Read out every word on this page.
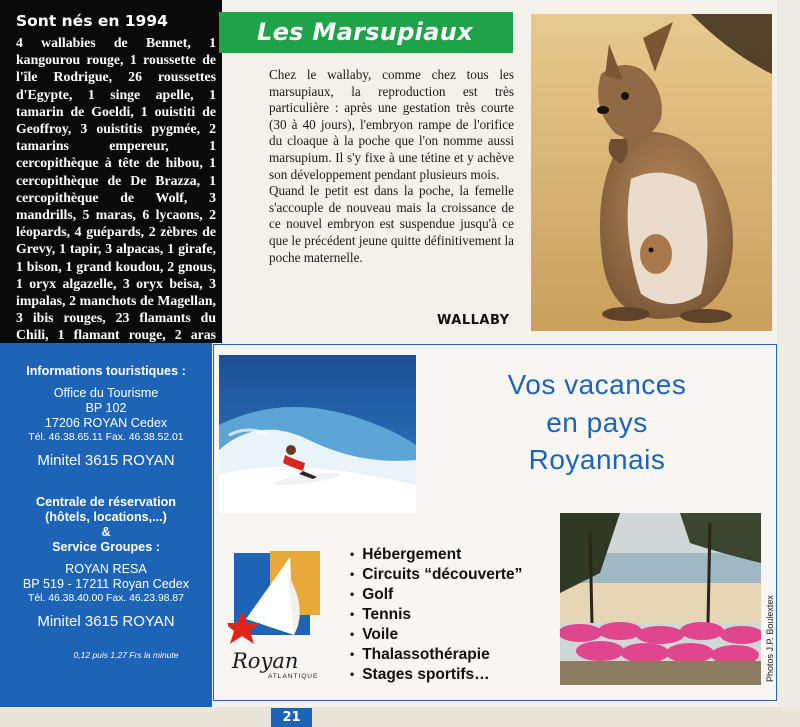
Sont nés en 1994
4 wallabies de Bennet, 1 kangourou rouge, 1 roussette de l'île Rodrigue, 26 roussettes d'Egypte, 1 singe apelle, 1 tamarin de Goeldi, 1 ouistiti de Geoffroy, 3 ouistitis pygmée, 2 tamarins empereur, 1 cercopithèque à tête de hibou, 1 cercopithèque de De Brazza, 1 cercopithèque de Wolf, 3 mandrills, 5 maras, 6 lycaons, 2 léopards, 4 guépards, 2 zèbres de Grevy, 1 tapir, 3 alpacas, 1 girafe, 1 bison, 1 grand koudou, 2 gnous, 1 oryx algazelle, 3 oryx beisa, 3 impalas, 2 manchots de Magellan, 3 ibis rouges, 23 flamants du Chili, 1 flamant rouge, 2 aras
Les Marsupiaux

Chez le wallaby, comme chez tous les marsupiaux, la reproduction est très particulière : après une gestation très courte (30 à 40 jours), l'embryon rampe de l'orifice du cloaque à la poche que l'on nomme aussi marsupium. Il s'y fixe à une tétine et y achève son développement pendant plusieurs mois.

Quand le petit est dans la poche, la femelle s'accouple de nouveau mais la croissance de ce nouvel embryon est suspendue jusqu'à ce que le précédent jeune quitte définitivement la poche maternelle.

WALLABY
Informations touristiques :
Office du Tourisme
BP 102
17206 ROYAN Cedex
Tél. 46.38.65.11 Fax. 46.38.52.01
Minitel 3615 ROYAN
Centrale de réservation
(hôtels, locations,...)
&
Service Groupes :
ROYAN RESA
BP 519 - 17211 Royan Cedex
Tél. 46.38.40.00 Fax. 46.23.98.87
Minitel 3615 ROYAN
0,12 puis 1,27 Frs la minute
Vos vacances
en pays
Royannais
Royan
ATLANTIQUE
• Hébergement
• Circuits “découverte”
• Golf
• Tennis
• Voile
• Thalassothérapie
• Stages sportifs…	Photos J.P. Boulextex
21
